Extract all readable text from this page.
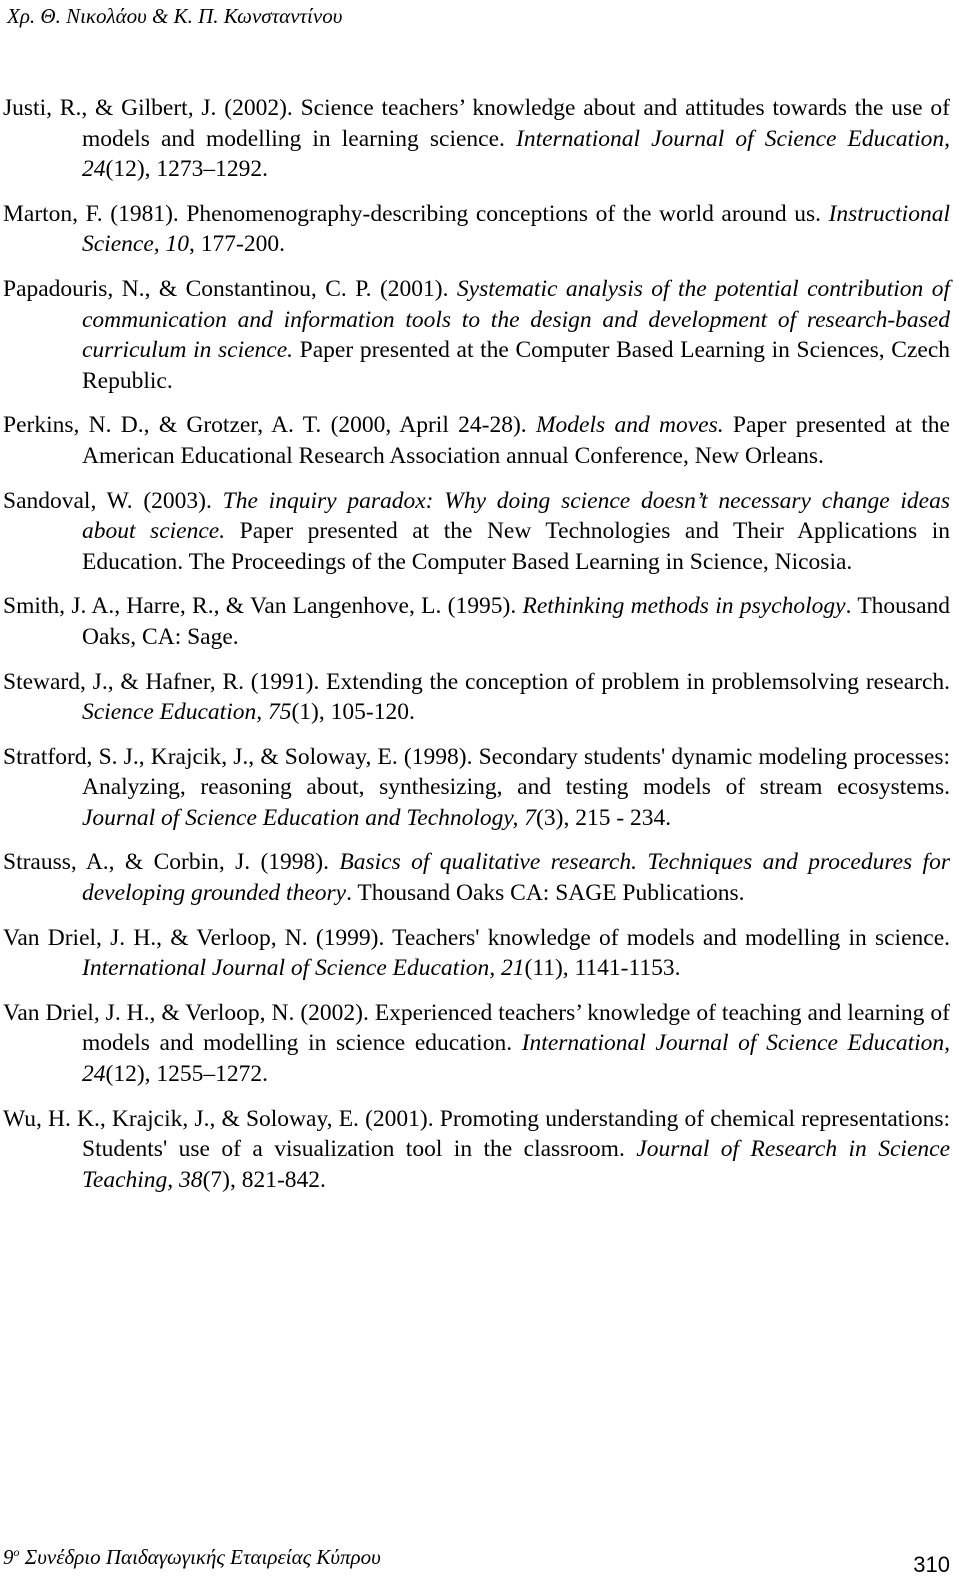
Χρ. Θ. Νικολάου & Κ. Π. Κωνσταντίνου

Justi, R., & Gilbert, J. (2002). Science teachers’ knowledge about and attitudes towards the use of models and modelling in learning science. International Journal of Science Education, 24(12), 1273–1292.

Marton, F. (1981). Phenomenography-describing conceptions of the world around us. Instructional Science, 10, 177-200.

Papadouris, N., & Constantinou, C. P. (2001). Systematic analysis of the potential contribution of communication and information tools to the design and development of research-based curriculum in science. Paper presented at the Computer Based Learning in Sciences, Czech Republic.

Perkins, N. D., & Grotzer, A. T. (2000, April 24-28). Models and moves. Paper presented at the American Educational Research Association annual Conference, New Orleans.

Sandoval, W. (2003). The inquiry paradox: Why doing science doesn’t necessary change ideas about science. Paper presented at the New Technologies and Their Applications in Education. The Proceedings of the Computer Based Learning in Science, Nicosia.

Smith, J. A., Harre, R., & Van Langenhove, L. (1995). Rethinking methods in psychology. Thousand Oaks, CA: Sage.

Steward, J., & Hafner, R. (1991). Extending the conception of problem in problemsolving research. Science Education, 75(1), 105-120.

Stratford, S. J., Krajcik, J., & Soloway, E. (1998). Secondary students' dynamic modeling processes: Analyzing, reasoning about, synthesizing, and testing models of stream ecosystems. Journal of Science Education and Technology, 7(3), 215 - 234.

Strauss, A., & Corbin, J. (1998). Basics of qualitative research. Techniques and procedures for developing grounded theory. Thousand Oaks CA: SAGE Publications.

Van Driel, J. H., & Verloop, N. (1999). Teachers' knowledge of models and modelling in science. International Journal of Science Education, 21(11), 1141-1153.

Van Driel, J. H., & Verloop, N. (2002). Experienced teachers’ knowledge of teaching and learning of models and modelling in science education. International Journal of Science Education, 24(12), 1255–1272.

Wu, H. K., Krajcik, J., & Soloway, E. (2001). Promoting understanding of chemical representations: Students' use of a visualization tool in the classroom. Journal of Research in Science Teaching, 38(7), 821-842.

$9^o$ Συνέδριο Παιδαγωγικής Εταιρείας Κύπρου	310
